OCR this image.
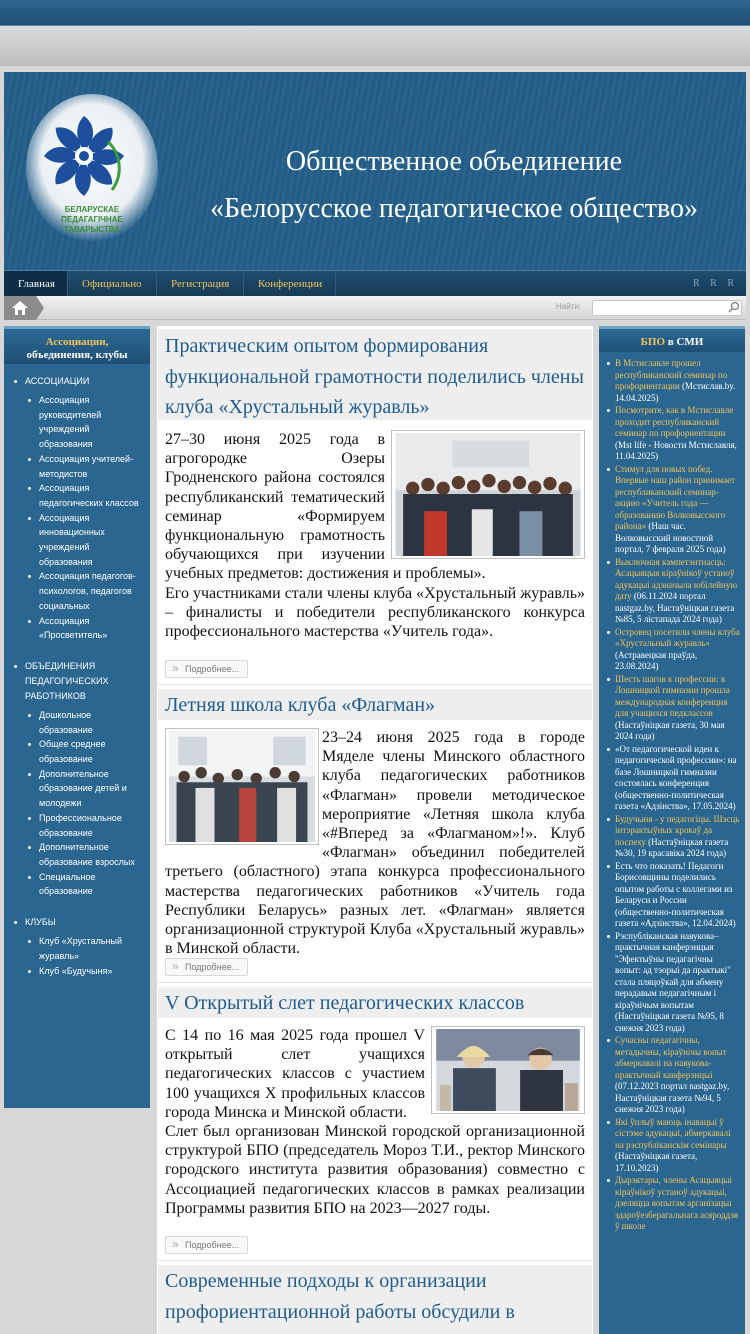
БЕЛАРУСКАЕ
ПЕДАГАГІЧНАЕ
ТАВАРЫСТВА
Общественное объединение
«Белорусское педагогическое общество»
Главная	Официально	Регистрация	Конференции	R R R
Найти:
Ассоциации,
объединения, клубы
АССОЦИАЦИИ
Ассоциация руководителей учреждений образования
Ассоциация учителей-методистов
Ассоциация педагогических классов
Ассоциация инновационных учреждений образования
Ассоциация педагогов-психологов, педагогов социальных
Ассоциация «Просветитель»
ОБЪЕДИНЕНИЯ ПЕДАГОГИЧЕСКИХ РАБОТНИКОВ
Дошкольное образование
Общее среднее образование
Дополнительное образование детей и молодежи
Профессиональное образование
Дополнительное образование взрослых
Специальное образование
КЛУБЫ
Клуб «Хрустальный журавль»
Клуб «Будучыня»
Практическим опытом формирования функциональной грамотности поделились члены клуба «Хрустальный журавль»
27–30 июня 2025 года в агрогородке Озеры Гродненского района состоялся республиканский тематический семинар «Формируем функциональную грамотность обучающихся при изучении учебных предметов: достижения и проблемы».
Его участниками стали члены клуба «Хрустальный журавль» – финалисты и победители республиканского конкурса профессионального мастерства «Учитель года».
» Подробнее...
Летняя школа клуба «Флагман»
23–24 июня 2025 года в городе Мяделе члены Минского областного клуба педагогических работников «Флагман» провели методическое мероприятие «Летняя школа клуба «#Вперед за «Флагманом»!». Клуб «Флагман» объединил победителей третьего (областного) этапа конкурса профессионального мастерства педагогических работников «Учитель года Республики Беларусь» разных лет. «Флагман» является организационной структурой Клуба «Хрустальный журавль» в Минской области.
» Подробнее...
V Открытый слет педагогических классов
С 14 по 16 мая 2025 года прошел V открытый слет учащихся педагогических классов с участием 100 учащихся X профильных классов города Минска и Минской области.
Слет был организован Минской городской организационной структурой БПО (председатель Мороз Т.И., ректор Минского городского института развития образования) совместно с Ассоциацией педагогических классов в рамках реализации Программы развития БПО на 2023—2027 годы.
» Подробнее...
Современные подходы к организации профориентационной работы обсудили в
БПО в СМИ
В Мстиславле прошел республиканский семинар по профориентации (Мстислав.by. 14.04.2025)
Посмотрите, как в Мстиславле проходит республиканский семинар по профориентации (Mst life - Новости Мстиславля, 11.04.2025)
Стимул для новых побед. Впервые наш район принимает республиканский семинар-акцию «Учитель года — образованию Волковысского района» (Наш час. Волковысский новостной портал, 7 февраля 2025 года)
Выключная кампетэнтнасць: Асацыяцыя кіраўнікоў устаноў адукацыі адзначыла юбілейную дату (06.11.2024 портал nastgaz.by, Настаўніцкая газета №85, 5 лістапада 2024 года)
Островец посетили члены клуба «Хрустальный журавль» (Астравецкая праўда, 23.08.2024)
Шесть шагов к профессии: в Лошницкой гимназии прошла международная конференция для учащихся педклассов (Настаўніцкая газета, 30 мая 2024 года)
«От педагогической идеи к педагогической профессии»: на базе Лошницкой гимназии состоялась конференция (общественно-политическая газета «Адзінства», 17.05.2024)
Будучыня - у педагогіцы. Шэсць інтэрактыўных крокаў да поспеху (Настаўніцкая газета №30, 19 красавіка 2024 года)
Есть что показать! Педагоги Борисовщины поделились опытом работы с коллегами из Беларуси и России (общественно-политическая газета «Адзінства», 12.04.2024)
Рэспубліканская навукова–практычная канферэнцыя "Эфектыўны педагагічны вопыт: ад тэорыі да практыкі" стала пляцоўкай для абмену перадавым педагагічным і кіраўнічым вопытам (Настаўніцкая газета №95, 8 снежня 2023 года)
Сучасны педагагічны, метадычны, кіраўнічы вопыт абмеркавалі на навукова-практычнай канферэнцыі (07.12.2023 портал nastgaz.by, Настаўніцкая газета №94, 5 снежня 2023 года)
Які ўплыў маюць інавацыі ў сістэме адукацыі, абмеркавалі на рэспубліканскім семінары (Настаўніцкая газета, 17.10.2023)
Дырэктары, члены Асацыяцыі кіраўнікоў устаноў адукацыі, дзеляцца вопытам арганізацыі здароўезберагальнага асяроддзя ў школе
